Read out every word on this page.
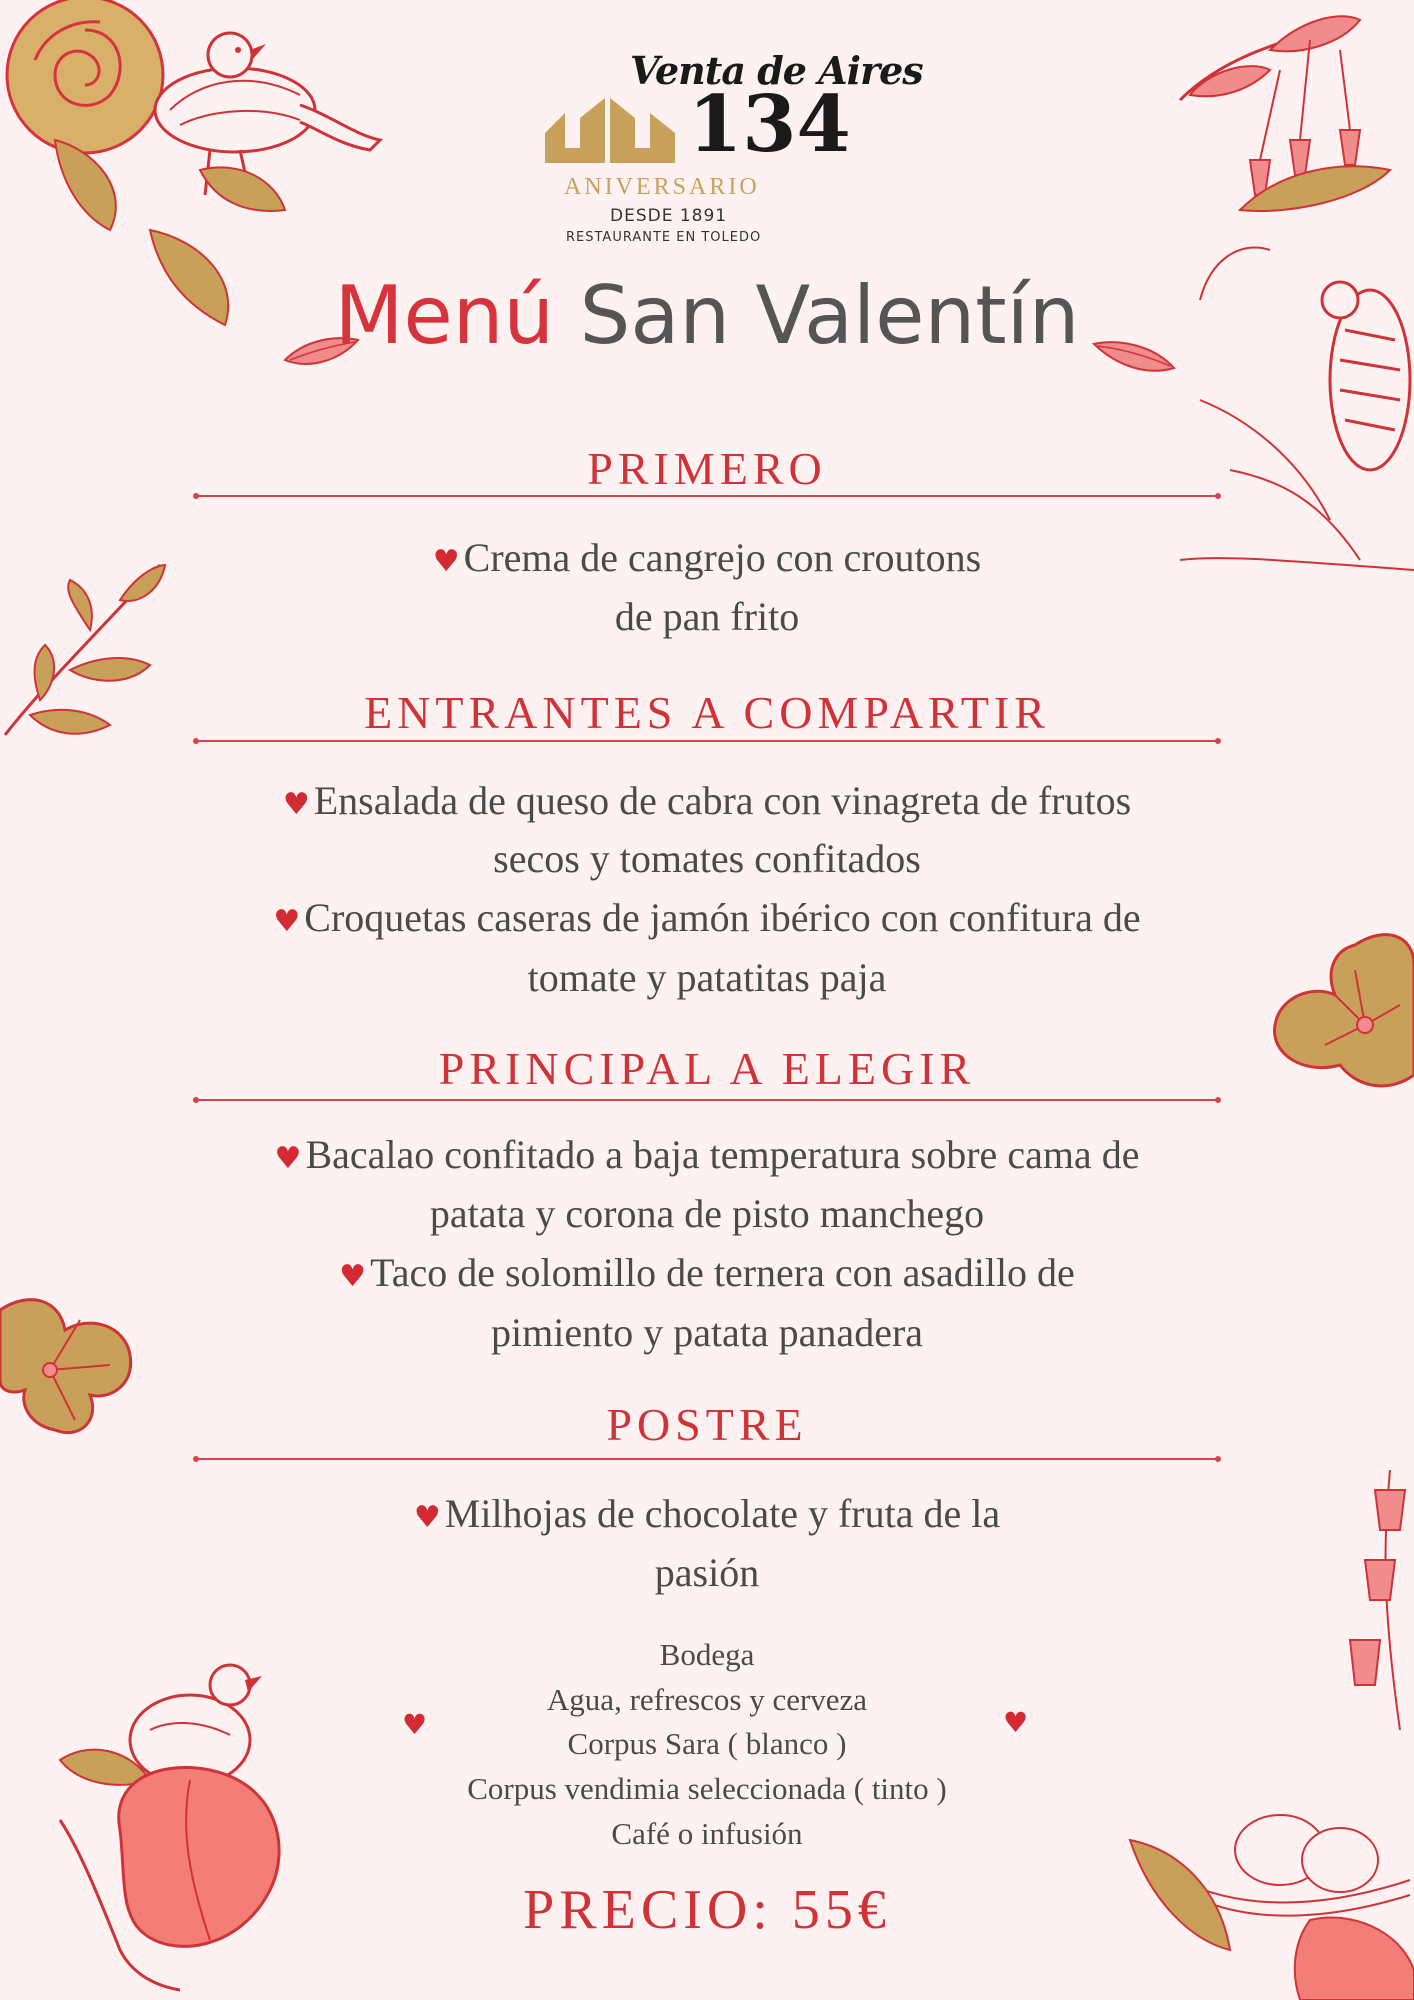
Venta de Aires
134
ANIVERSARIO
DESDE 1891
RESTAURANTE EN TOLEDO
Menú San Valentín
PRIMERO
♥ Crema de cangrejo con croutons
de pan frito
ENTRANTES A COMPARTIR
♥ Ensalada de queso de cabra con vinagreta de frutos
secos y tomates confitados
♥ Croquetas caseras de jamón ibérico con confitura de
tomate y patatitas paja
PRINCIPAL A ELEGIR
♥ Bacalao confitado a baja temperatura sobre cama de
patata y corona de pisto manchego
♥ Taco de solomillo de ternera con asadillo de
pimiento y patata panadera
POSTRE
♥ Milhojas de chocolate y fruta de la
pasión
Bodega
Agua, refrescos y cerveza
Corpus Sara ( blanco )
Corpus vendimia seleccionada ( tinto )
Café o infusión
♥	♥
PRECIO: 55€
